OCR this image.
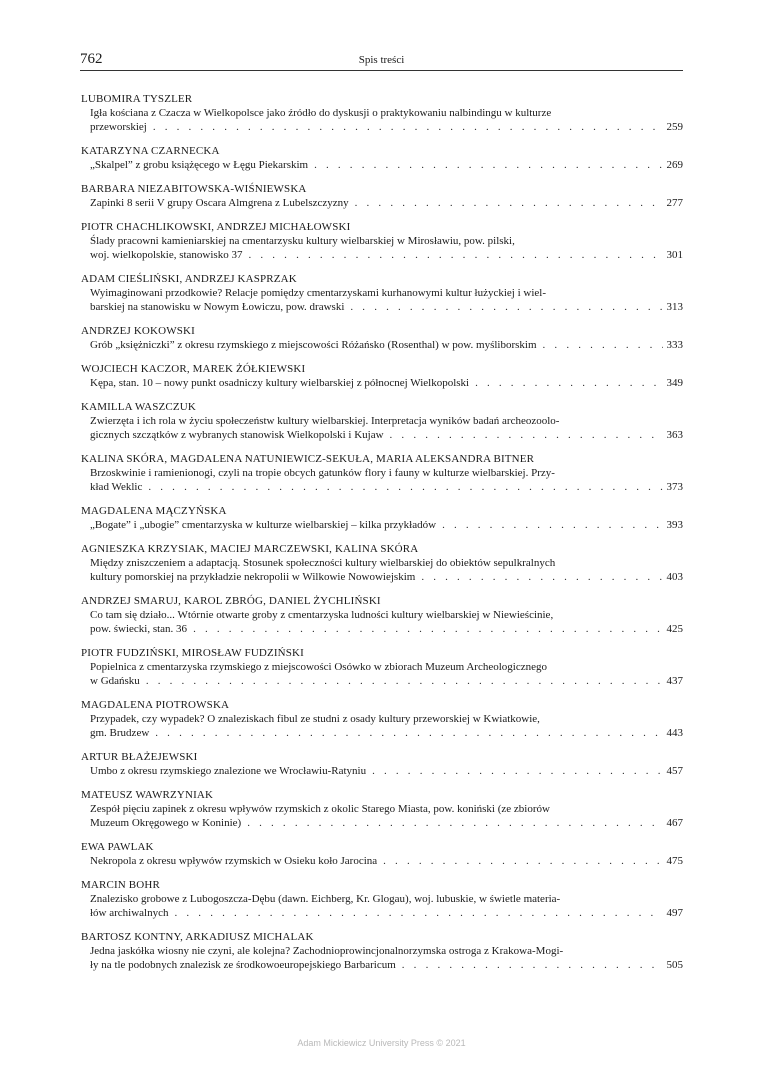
762	Spis treści
LUBOMIRA TYSZLER
Igła kościana z Czacza w Wielkopolsce jako źródło do dyskusji o praktykowaniu nalbindingu w kulturze
przeworskiej . . .	259
KATARZYNA CZARNECKA
„Skalpel” z grobu książęcego w Łęgu Piekarskim . . .	269
BARBARA NIEZABITOWSKA-WIŚNIEWSKA
Zapinki 8 serii V grupy Oscara Almgrena z Lubelszczyzny . . .	277
PIOTR CHACHLIKOWSKI, ANDRZEJ MICHAŁOWSKI
Ślady pracowni kamieniarskiej na cmentarzysku kultury wielbarskiej w Mirosławiu, pow. pilski,
woj. wielkopolskie, stanowisko 37 . . .	301
ADAM CIEŚLIŃSKI, ANDRZEJ KASPRZAK
Wyimaginowani przodkowie? Relacje pomiędzy cmentarzyskami kurhanowymi kultur łużyckiej i wiel-
barskiej na stanowisku w Nowym Łowiczu, pow. drawski . . .	313
ANDRZEJ KOKOWSKI
Grób „księżniczki” z okresu rzymskiego z miejscowości Różańsko (Rosenthal) w pow. myśliborskim . . .	333
WOJCIECH KACZOR, MAREK ŻÓŁKIEWSKI
Kępa, stan. 10 – nowy punkt osadniczy kultury wielbarskiej z północnej Wielkopolski . . .	349
KAMILLA WASZCZUK
Zwierzęta i ich rola w życiu społeczeństw kultury wielbarskiej. Interpretacja wyników badań archeozoolo-
gicznych szczątków z wybranych stanowisk Wielkopolski i Kujaw . . .	363
KALINA SKÓRA, MAGDALENA NATUNIEWICZ-SEKUŁA, MARIA ALEKSANDRA BITNER
Brzoskwinie i ramienionogi, czyli na tropie obcych gatunków flory i fauny w kulturze wielbarskiej. Przy-
kład Weklic . . .	373
MAGDALENA MĄCZYŃSKA
„Bogate” i „ubogie” cmentarzyska w kulturze wielbarskiej – kilka przykładów . . .	393
AGNIESZKA KRZYSIAK, MACIEJ MARCZEWSKI, KALINA SKÓRA
Między zniszczeniem a adaptacją. Stosunek społeczności kultury wielbarskiej do obiektów sepulkralnych
kultury pomorskiej na przykładzie nekropolii w Wilkowie Nowowiejskim . . .	403
ANDRZEJ SMARUJ, KAROL ZBRÓG, DANIEL ŻYCHLIŃSKI
Co tam się działo... Wtórnie otwarte groby z cmentarzyska ludności kultury wielbarskiej w Niewieścinie,
pow. świecki, stan. 36 . . .	425
PIOTR FUDZIŃSKI, MIROSŁAW FUDZIŃSKI
Popielnica z cmentarzyska rzymskiego z miejscowości Osówko w zbiorach Muzeum Archeologicznego
w Gdańsku . . .	437
MAGDALENA PIOTROWSKA
Przypadek, czy wypadek? O znaleziskach fibul ze studni z osady kultury przeworskiej w Kwiatkowie,
gm. Brudzew . . .	443
ARTUR BŁAŻEJEWSKI
Umbo z okresu rzymskiego znalezione we Wrocławiu-Ratyniu . . .	457
MATEUSZ WAWRZYNIAK
Zespół pięciu zapinek z okresu wpływów rzymskich z okolic Starego Miasta, pow. koniński (ze zbiorów
Muzeum Okręgowego w Koninie) . . .	467
EWA PAWLAK
Nekropola z okresu wpływów rzymskich w Osieku koło Jarocina . . .	475
MARCIN BOHR
Znalezisko grobowe z Lubogoszcza-Dębu (dawn. Eichberg, Kr. Glogau), woj. lubuskie, w świetle materia-
łów archiwalnych . . .	497
BARTOSZ KONTNY, ARKADIUSZ MICHALAK
Jedna jaskółka wiosny nie czyni, ale kolejna? Zachodnioprowincjonalnorzymska ostroga z Krakowa-Mogi-
ły na tle podobnych znalezisk ze środkowoeuropejskiego Barbaricum . . .	505
Adam Mickiewicz University Press © 2021
